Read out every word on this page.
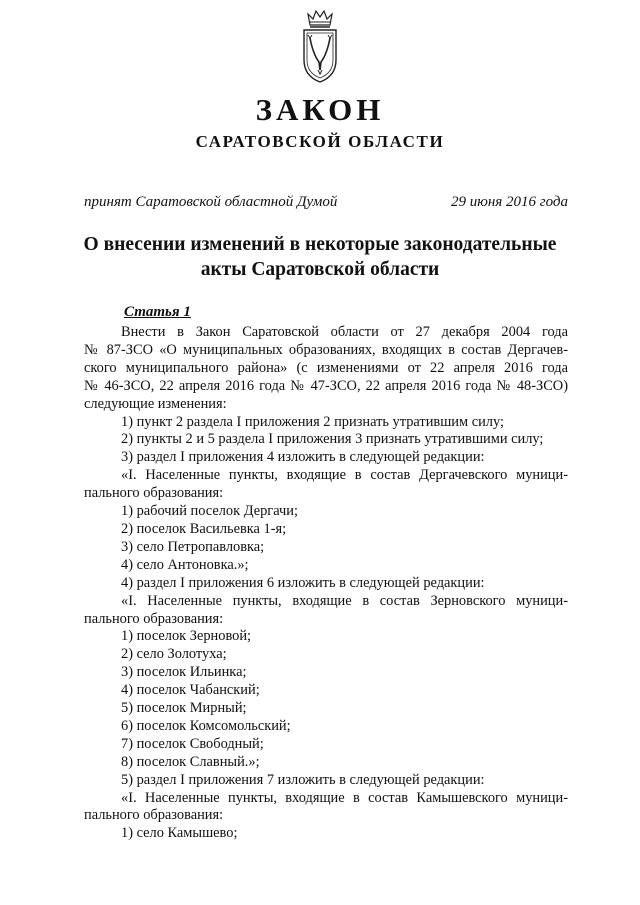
ЗАКОН
САРАТОВСКОЙ ОБЛАСТИ
принят Саратовской областной Думой	29 июня 2016 года
О внесении изменений в некоторые законодательные
акты Саратовской области
Статья 1

Внести в Закон Саратовской области от 27 декабря 2004 года

№ 87-ЗСО «О муниципальных образованиях, входящих в состав Дергачев-

ского муниципального района» (с изменениями от 22 апреля 2016 года

№ 46-ЗСО, 22 апреля 2016 года № 47-ЗСО, 22 апреля 2016 года № 48-ЗСО)

следующие изменения:

1) пункт 2 раздела I приложения 2 признать утратившим силу;

2) пункты 2 и 5 раздела I приложения 3 признать утратившими силу;

3) раздел I приложения 4 изложить в следующей редакции:

«I. Населенные пункты, входящие в состав Дергачевского муници-

пального образования:

1) рабочий поселок Дергачи;

2) поселок Васильевка 1-я;

3) село Петропавловка;

4) село Антоновка.»;

4) раздел I приложения 6 изложить в следующей редакции:

«I. Населенные пункты, входящие в состав Зерновского муници-

пального образования:

1) поселок Зерновой;

2) село Золотуха;

3) поселок Ильинка;

4) поселок Чабанский;

5) поселок Мирный;

6) поселок Комсомольский;

7) поселок Свободный;

8) поселок Славный.»;

5) раздел I приложения 7 изложить в следующей редакции:

«I. Населенные пункты, входящие в состав Камышевского муници-

пального образования:

1) село Камышево;
